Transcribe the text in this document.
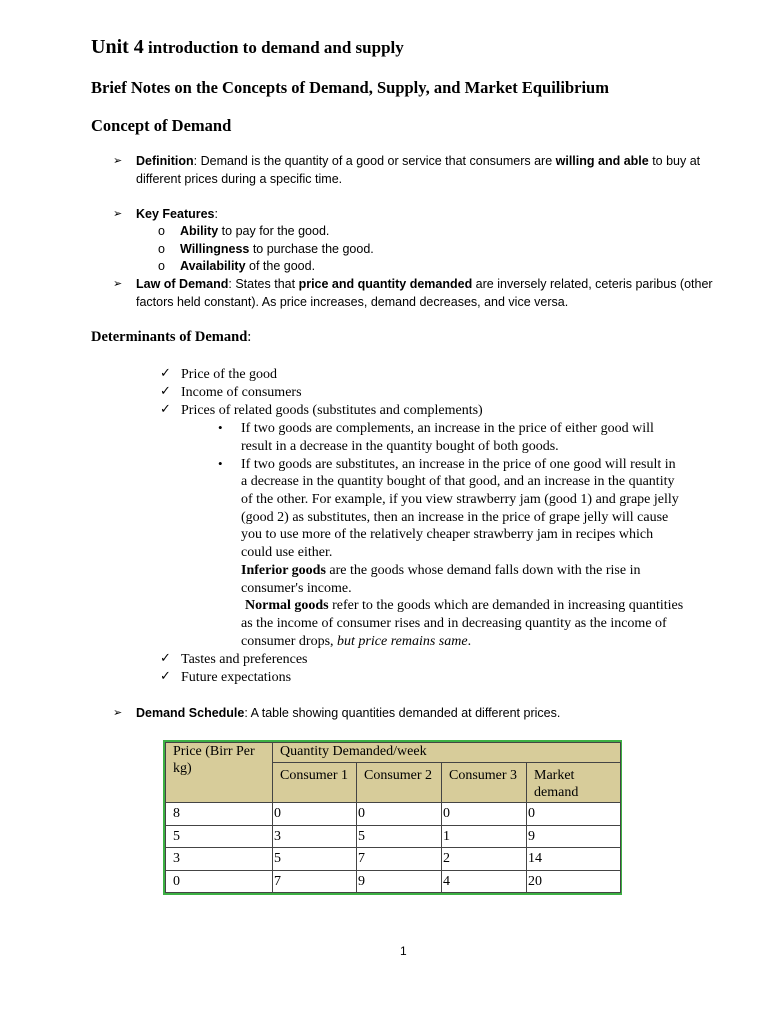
Unit 4 introduction to demand and supply
Brief Notes on the Concepts of Demand, Supply, and Market Equilibrium
Concept of Demand
➢ Definition: Demand is the quantity of a good or service that consumers are willing and able to buy at
different prices during a specific time.
➢ Key Features:
o Ability to pay for the good.
o Willingness to purchase the good.
o Availability of the good.
➢ Law of Demand: States that price and quantity demanded are inversely related, ceteris paribus (other
factors held constant). As price increases, demand decreases, and vice versa.
Determinants of Demand:
✓ Price of the good
✓ Income of consumers
✓ Prices of related goods (substitutes and complements)
• If two goods are complements, an increase in the price of either good will
result in a decrease in the quantity bought of both goods.
• If two goods are substitutes, an increase in the price of one good will result in
a decrease in the quantity bought of that good, and an increase in the quantity
of the other. For example, if you view strawberry jam (good 1) and grape jelly
(good 2) as substitutes, then an increase in the price of grape jelly will cause
you to use more of the relatively cheaper strawberry jam in recipes which
could use either.
Inferior goods are the goods whose demand falls down with the rise in
consumer's income.
Normal goods refer to the goods which are demanded in increasing quantities
as the income of consumer rises and in decreasing quantity as the income of
consumer drops, but price remains same.
✓ Tastes and preferences
✓ Future expectations
➢ Demand Schedule: A table showing quantities demanded at different prices.
Price (Birr Per kg)	Quantity Demanded/week			
	Consumer 1	Consumer 2	Consumer 3	Market demand
8	0	0	0	0
5	3	5	1	9
3	5	7	2	14
0	7	9	4	20
1
